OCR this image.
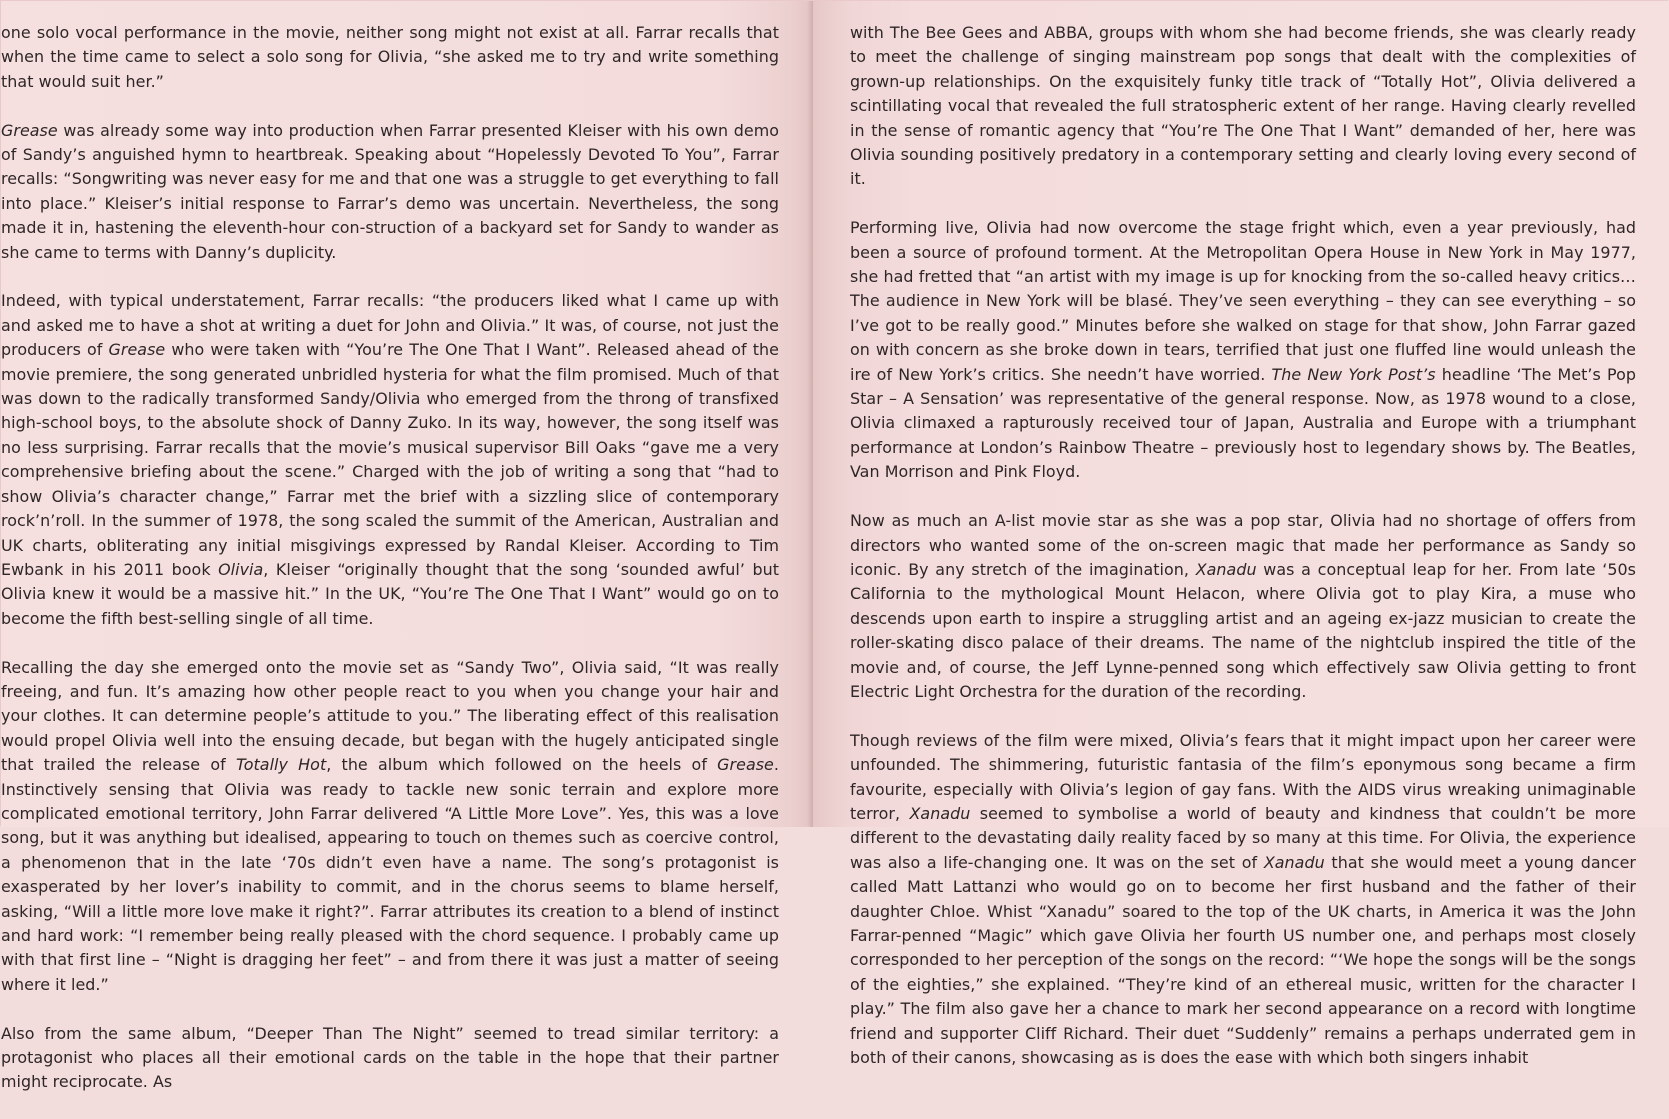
one solo vocal performance in the movie, neither song might not exist at all. Farrar recalls that when the time came to select a solo song for Olivia, “she asked me to try and write something that would suit her.”

Grease was already some way into production when Farrar presented Kleiser with his own demo of Sandy’s anguished hymn to heartbreak. Speaking about “Hopelessly Devoted To You”, Farrar recalls: “Songwriting was never easy for me and that one was a struggle to get everything to fall into place.” Kleiser’s initial response to Farrar’s demo was uncertain. Nevertheless, the song made it in, hastening the eleventh-hour con-struction of a backyard set for Sandy to wander as she came to terms with Danny’s duplicity.

Indeed, with typical understatement, Farrar recalls: “the producers liked what I came up with and asked me to have a shot at writing a duet for John and Olivia.” It was, of course, not just the producers of Grease who were taken with “You’re The One That I Want”. Released ahead of the movie premiere, the song generated unbridled hysteria for what the film promised. Much of that was down to the radically transformed Sandy/Olivia who emerged from the throng of transfixed high-school boys, to the absolute shock of Danny Zuko. In its way, however, the song itself was no less surprising. Farrar recalls that the movie’s musical supervisor Bill Oaks “gave me a very comprehensive briefing about the scene.” Charged with the job of writing a song that “had to show Olivia’s character change,” Farrar met the brief with a sizzling slice of contemporary rock’n’roll. In the summer of 1978, the song scaled the summit of the American, Australian and UK charts, obliterating any initial misgivings expressed by Randal Kleiser. According to Tim Ewbank in his 2011 book Olivia, Kleiser “originally thought that the song ‘sounded awful’ but Olivia knew it would be a massive hit.” In the UK, “You’re The One That I Want” would go on to become the fifth best-selling single of all time.

Recalling the day she emerged onto the movie set as “Sandy Two”, Olivia said, “It was really freeing, and fun. It’s amazing how other people react to you when you change your hair and your clothes. It can determine people’s attitude to you.” The liberating effect of this realisation would propel Olivia well into the ensuing decade, but began with the hugely anticipated single that trailed the release of Totally Hot, the album which followed on the heels of Grease. Instinctively sensing that Olivia was ready to tackle new sonic terrain and explore more complicated emotional territory, John Farrar delivered “A Little More Love”. Yes, this was a love song, but it was anything but idealised, appearing to touch on themes such as coercive control, a phenomenon that in the late ‘70s didn’t even have a name. The song’s protagonist is exasperated by her lover’s inability to commit, and in the chorus seems to blame herself, asking, “Will a little more love make it right?”. Farrar attributes its creation to a blend of instinct and hard work: “I remember being really pleased with the chord sequence. I probably came up with that first line – “Night is dragging her feet” – and from there it was just a matter of seeing where it led.”

Also from the same album, “Deeper Than The Night” seemed to tread similar territory: a protagonist who places all their emotional cards on the table in the hope that their partner might reciprocate. As

with The Bee Gees and ABBA, groups with whom she had become friends, she was clearly ready to meet the challenge of singing mainstream pop songs that dealt with the complexities of grown-up relationships. On the exquisitely funky title track of “Totally Hot”, Olivia delivered a scintillating vocal that revealed the full stratospheric extent of her range. Having clearly revelled in the sense of romantic agency that “You’re The One That I Want” demanded of her, here was Olivia sounding positively predatory in a contemporary setting and clearly loving every second of it.

Performing live, Olivia had now overcome the stage fright which, even a year previously, had been a source of profound torment. At the Metropolitan Opera House in New York in May 1977, she had fretted that “an artist with my image is up for knocking from the so-called heavy critics… The audience in New York will be blasé. They’ve seen everything – they can see everything – so I’ve got to be really good.” Minutes before she walked on stage for that show, John Farrar gazed on with concern as she broke down in tears, terrified that just one fluffed line would unleash the ire of New York’s critics. She needn’t have worried. The New York Post’s headline ‘The Met’s Pop Star – A Sensation’ was representative of the general response. Now, as 1978 wound to a close, Olivia climaxed a rapturously received tour of Japan, Australia and Europe with a triumphant performance at London’s Rainbow Theatre – previously host to legendary shows by. The Beatles, Van Morrison and Pink Floyd.

Now as much an A-list movie star as she was a pop star, Olivia had no shortage of offers from directors who wanted some of the on-screen magic that made her performance as Sandy so iconic. By any stretch of the imagination, Xanadu was a conceptual leap for her. From late ‘50s California to the mythological Mount Helacon, where Olivia got to play Kira, a muse who descends upon earth to inspire a struggling artist and an ageing ex-jazz musician to create the roller-skating disco palace of their dreams. The name of the nightclub inspired the title of the movie and, of course, the Jeff Lynne-penned song which effectively saw Olivia getting to front Electric Light Orchestra for the duration of the recording.

Though reviews of the film were mixed, Olivia’s fears that it might impact upon her career were unfounded. The shimmering, futuristic fantasia of the film’s eponymous song became a firm favourite, especially with Olivia’s legion of gay fans. With the AIDS virus wreaking unimaginable terror, Xanadu seemed to symbolise a world of beauty and kindness that couldn’t be more different to the devastating daily reality faced by so many at this time. For Olivia, the experience was also a life-changing one. It was on the set of Xanadu that she would meet a young dancer called Matt Lattanzi who would go on to become her first husband and the father of their daughter Chloe. Whist “Xanadu” soared to the top of the UK charts, in America it was the John Farrar-penned “Magic” which gave Olivia her fourth US number one, and perhaps most closely corresponded to her perception of the songs on the record: “‘We hope the songs will be the songs of the eighties,” she explained. “They’re kind of an ethereal music, written for the character I play.” The film also gave her a chance to mark her second appearance on a record with longtime friend and supporter Cliff Richard. Their duet “Suddenly” remains a perhaps underrated gem in both of their canons, showcasing as is does the ease with which both singers inhabit
